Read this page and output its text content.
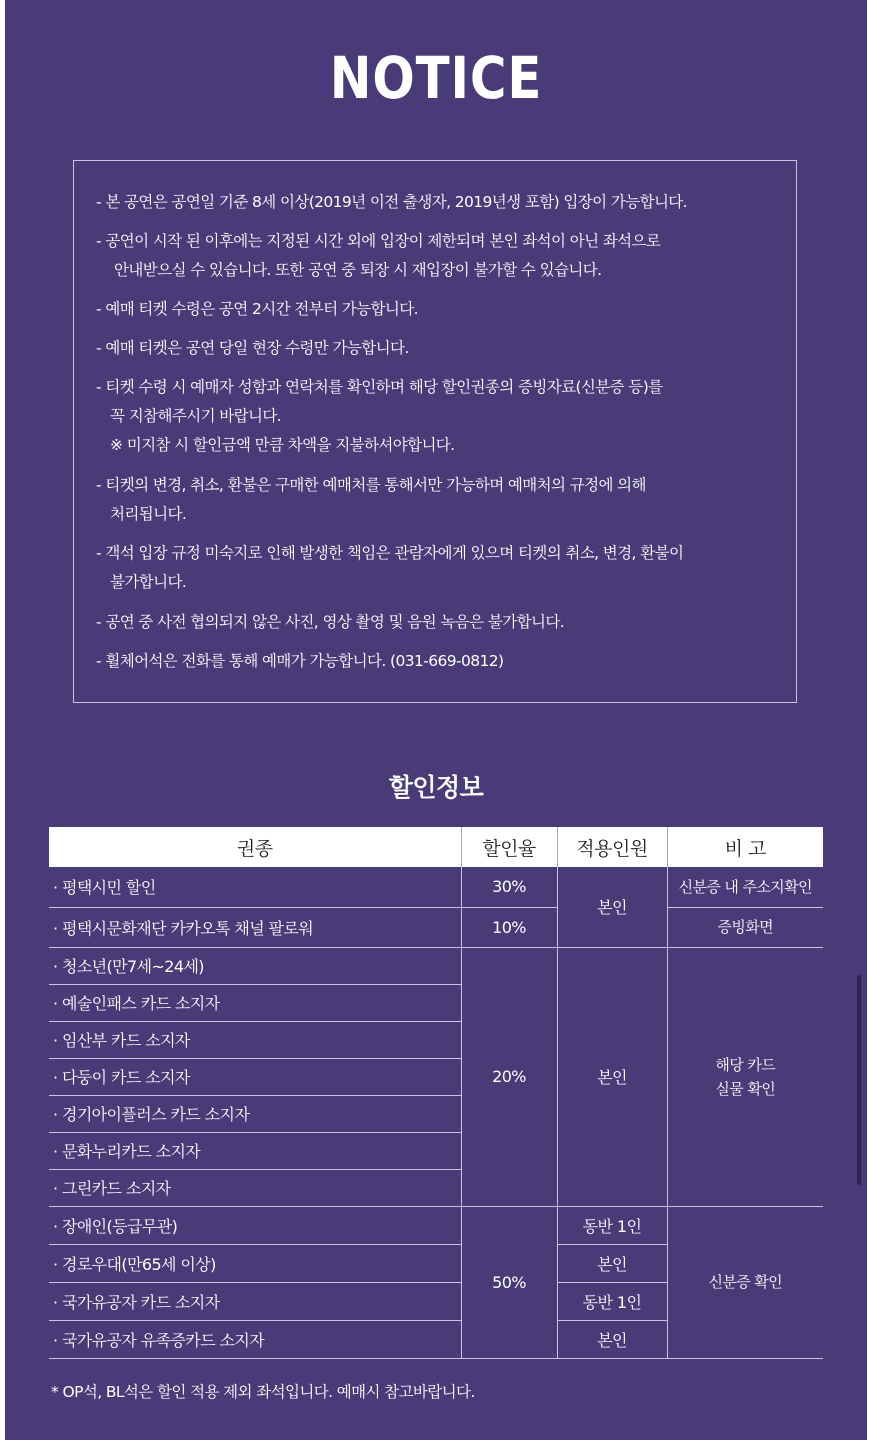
NOTICE
- 본 공연은 공연일 기준 8세 이상(2019년 이전 출생자, 2019년생 포함) 입장이 가능합니다.
- 공연이 시작 된 이후에는 지정된 시간 외에 입장이 제한되며 본인 좌석이 아닌 좌석으로
안내받으실 수 있습니다. 또한 공연 중 퇴장 시 재입장이 불가할 수 있습니다.
- 예매 티켓 수령은 공연 2시간 전부터 가능합니다.
- 예매 티켓은 공연 당일 현장 수령만 가능합니다.
- 티켓 수령 시 예매자 성함과 연락처를 확인하며 해당 할인권종의 증빙자료(신분증 등)를
꼭 지참해주시기 바랍니다.
※ 미지참 시 할인금액 만큼 차액을 지불하셔야합니다.
- 티켓의 변경, 취소, 환불은 구매한 예매처를 통해서만 가능하며 예매처의 규정에 의해
처리됩니다.
- 객석 입장 규정 미숙지로 인해 발생한 책임은 관람자에게 있으며 티켓의 취소, 변경, 환불이
불가합니다.
- 공연 중 사전 협의되지 않은 사진, 영상 촬영 및 음원 녹음은 불가합니다.
- 휠체어석은 전화를 통해 예매가 가능합니다. (031-669-0812)
할인정보
권종	할인율	적용인원	비 고
· 평택시민 할인	30%	본인	신분증 내 주소지확인
· 평택시문화재단 카카오톡 채널 팔로워	10%		증빙화면
· 청소년(만7세~24세)	20%	본인	해당 카드
실물 확인

· 예술인패스 카드 소지자			
· 임산부 카드 소지자			
· 다둥이 카드 소지자			
· 경기아이플러스 카드 소지자			
· 문화누리카드 소지자			
· 그린카드 소지자			
· 장애인(등급무관)	50%	동반 1인	신분증 확인
· 경로우대(만65세 이상)		본인	
· 국가유공자 카드 소지자		동반 1인	
· 국가유공자 유족증카드 소지자		본인	
* OP석, BL석은 할인 적용 제외 좌석입니다. 예매시 참고바랍니다.
